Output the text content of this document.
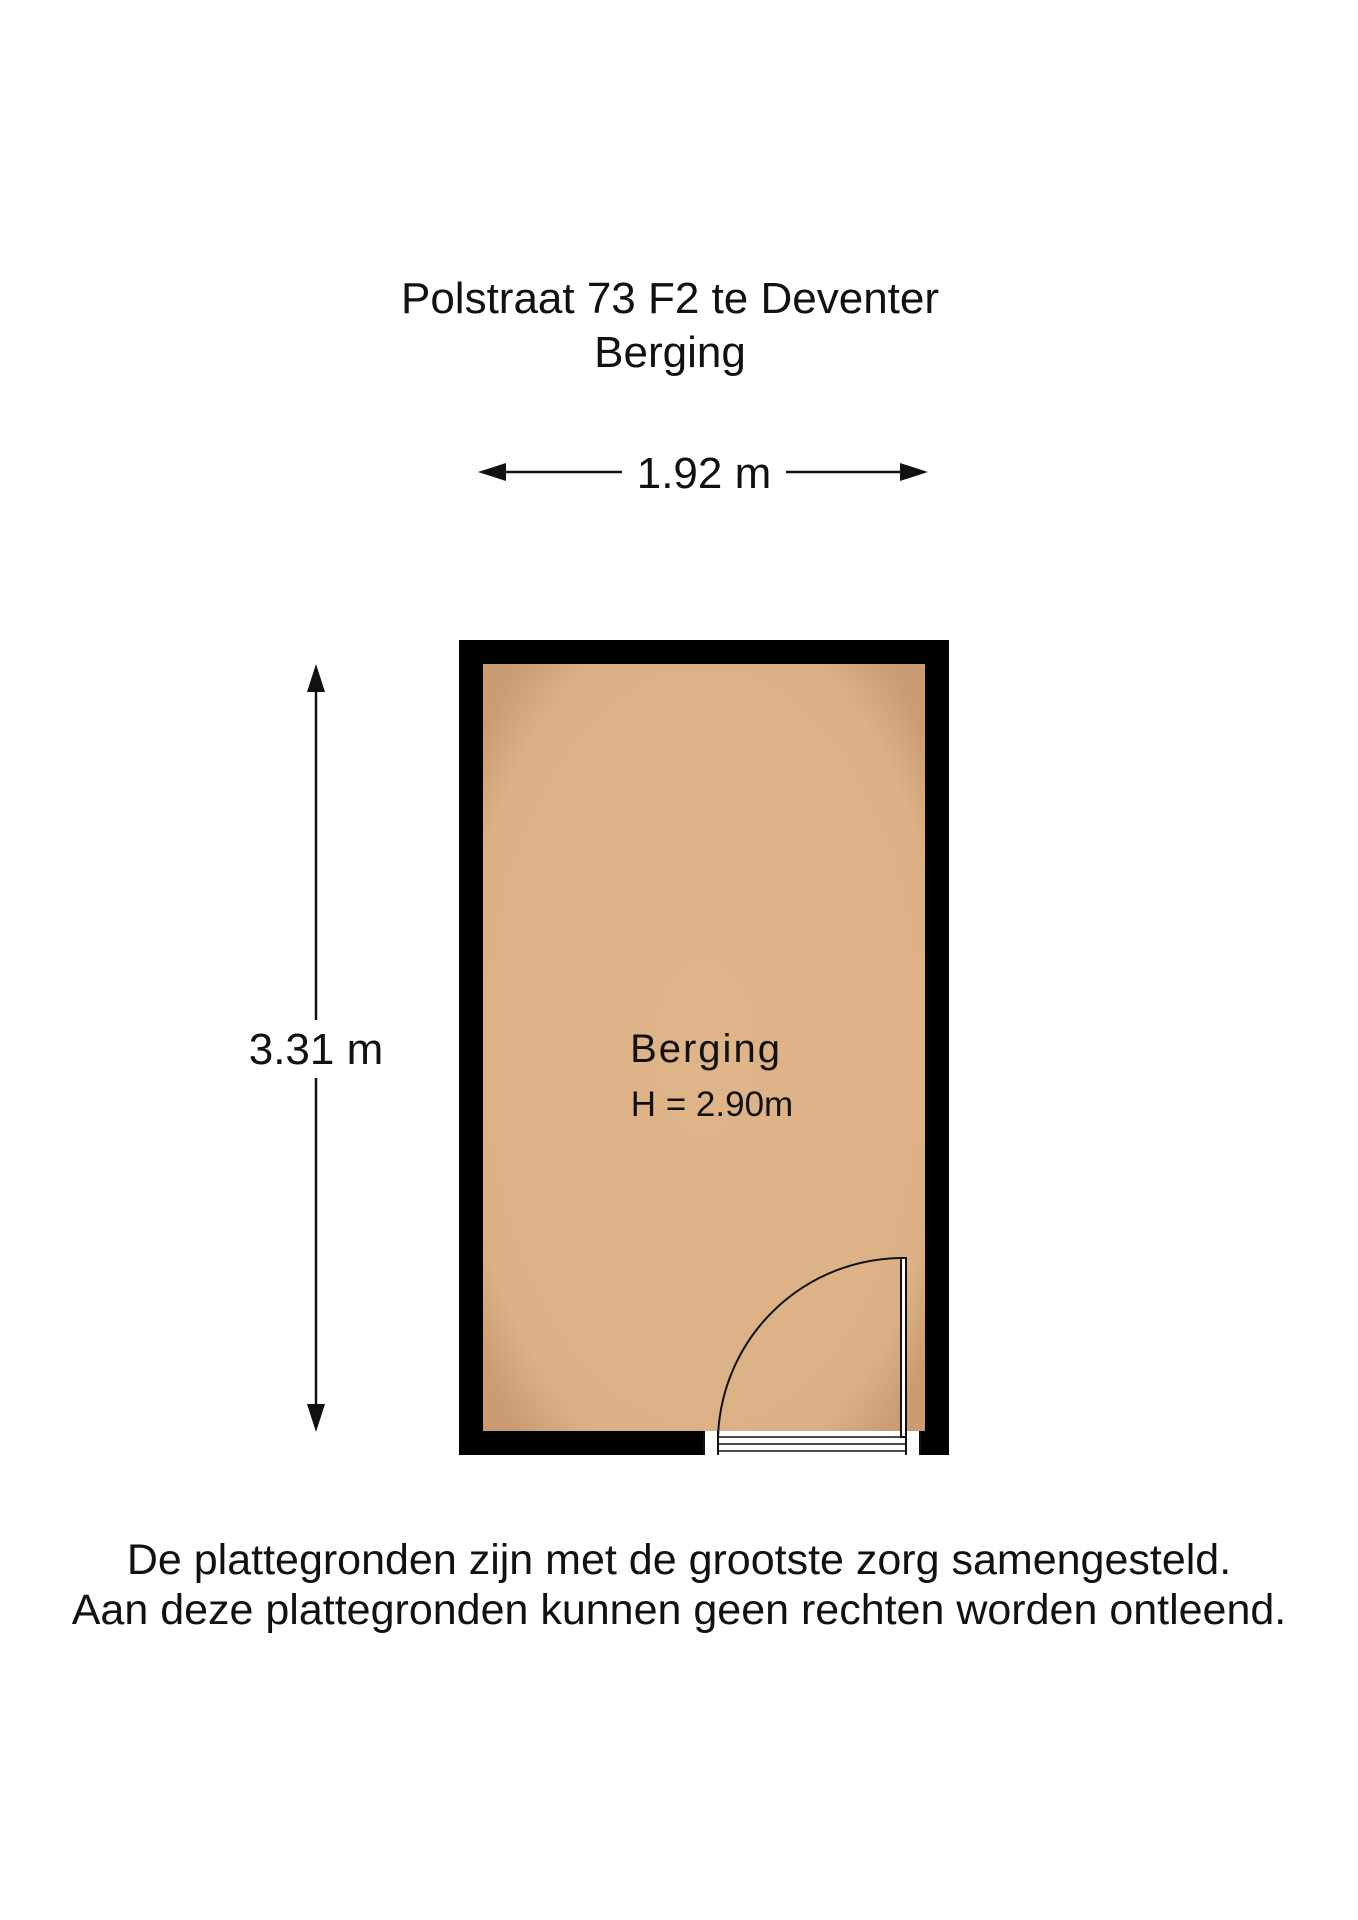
Polstraat 73 F2 te Deventer
Berging
1.92 m
3.31 m	Berging
H = 2.90m
De plattegronden zijn met de grootste zorg samengesteld.
Aan deze plattegronden kunnen geen rechten worden ontleend.
